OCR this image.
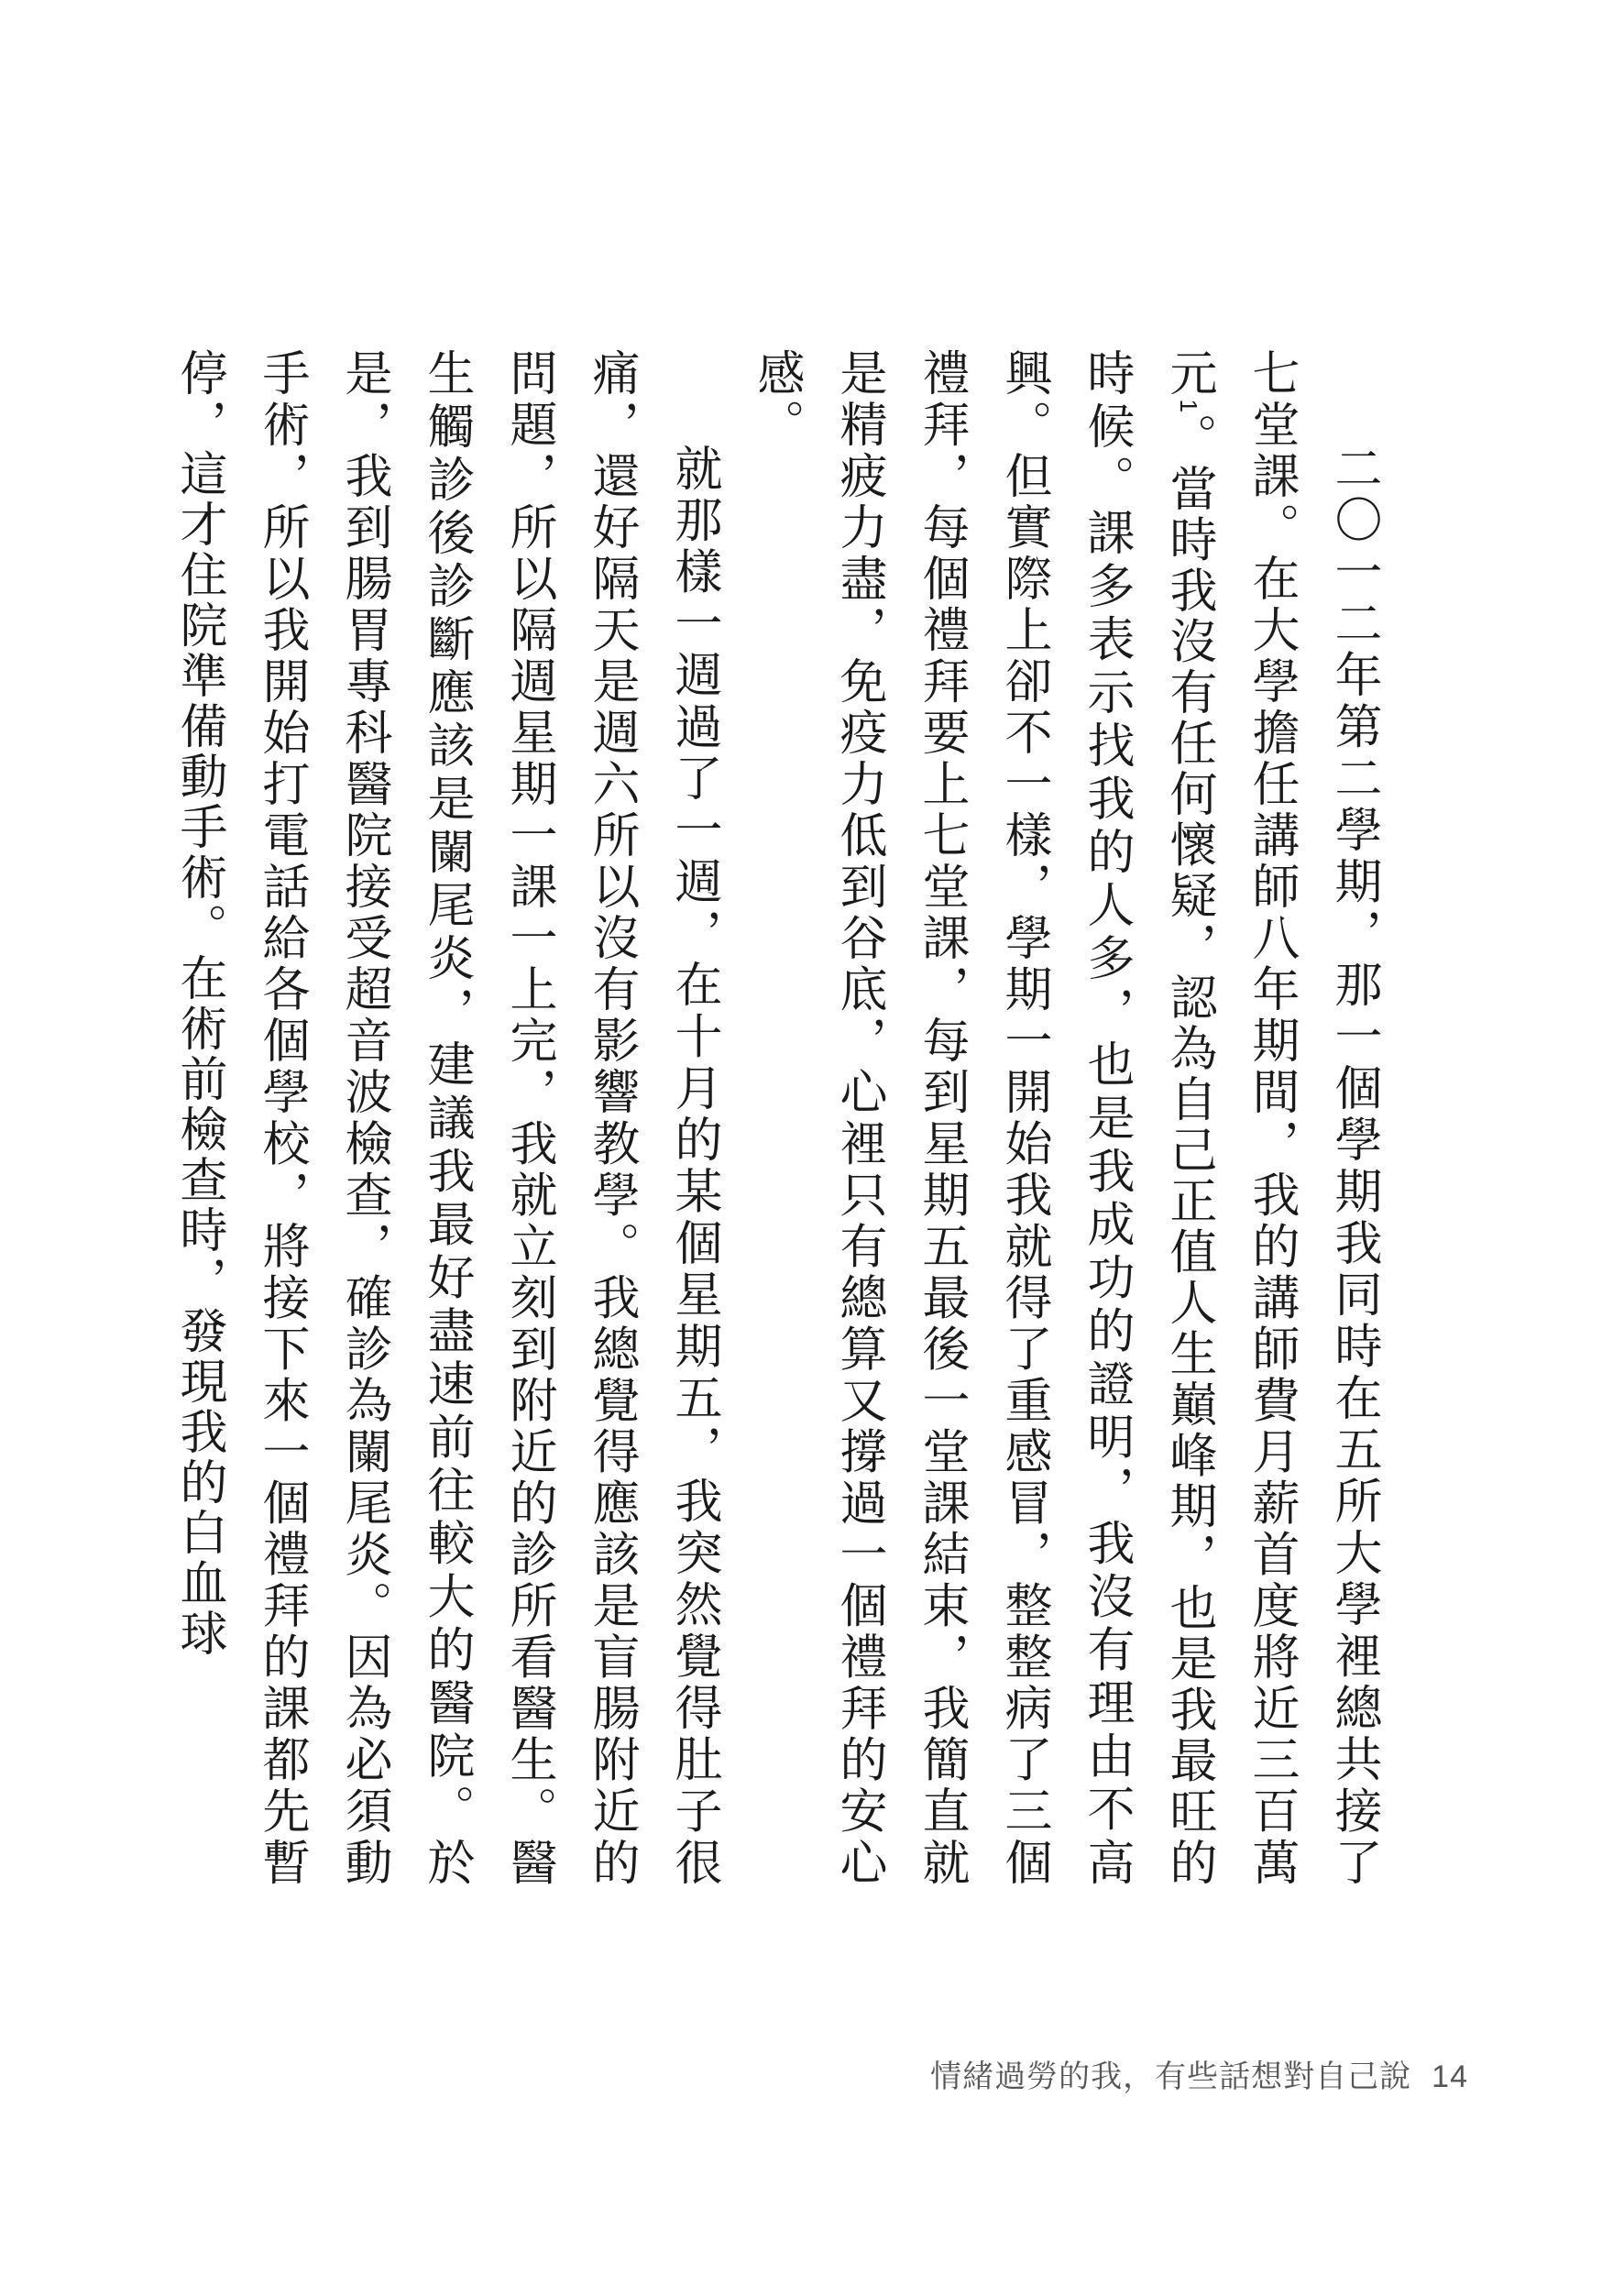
二〇一二年第二學期，那一個學期我同時在五所大學裡總共接了七堂課。在大學擔任講師八年期間，我的講師費月薪首度將近三百萬元1。當時我沒有任何懷疑，認為自己正值人生巔峰期，也是我最旺的時候。課多表示找我的人多，也是我成功的證明，我沒有理由不高興。但實際上卻不一樣，學期一開始我就得了重感冒，整整病了三個禮拜，每個禮拜要上七堂課，每到星期五最後一堂課結束，我簡直就是精疲力盡，免疫力低到谷底，心裡只有總算又撐過一個禮拜的安心感。

就那樣一週過了一週，在十月的某個星期五，我突然覺得肚子很痛，還好隔天是週六所以沒有影響教學。我總覺得應該是盲腸附近的問題，所以隔週星期一課一上完，我就立刻到附近的診所看醫生。醫生觸診後診斷應該是闌尾炎，建議我最好盡速前往較大的醫院。於是，我到腸胃專科醫院接受超音波檢查，確診為闌尾炎。因為必須動手術，所以我開始打電話給各個學校，將接下來一個禮拜的課都先暫停，這才住院準備動手術。在術前檢查時，發現我的白血球

情緒過勞的我，有些話想對自己說 14
